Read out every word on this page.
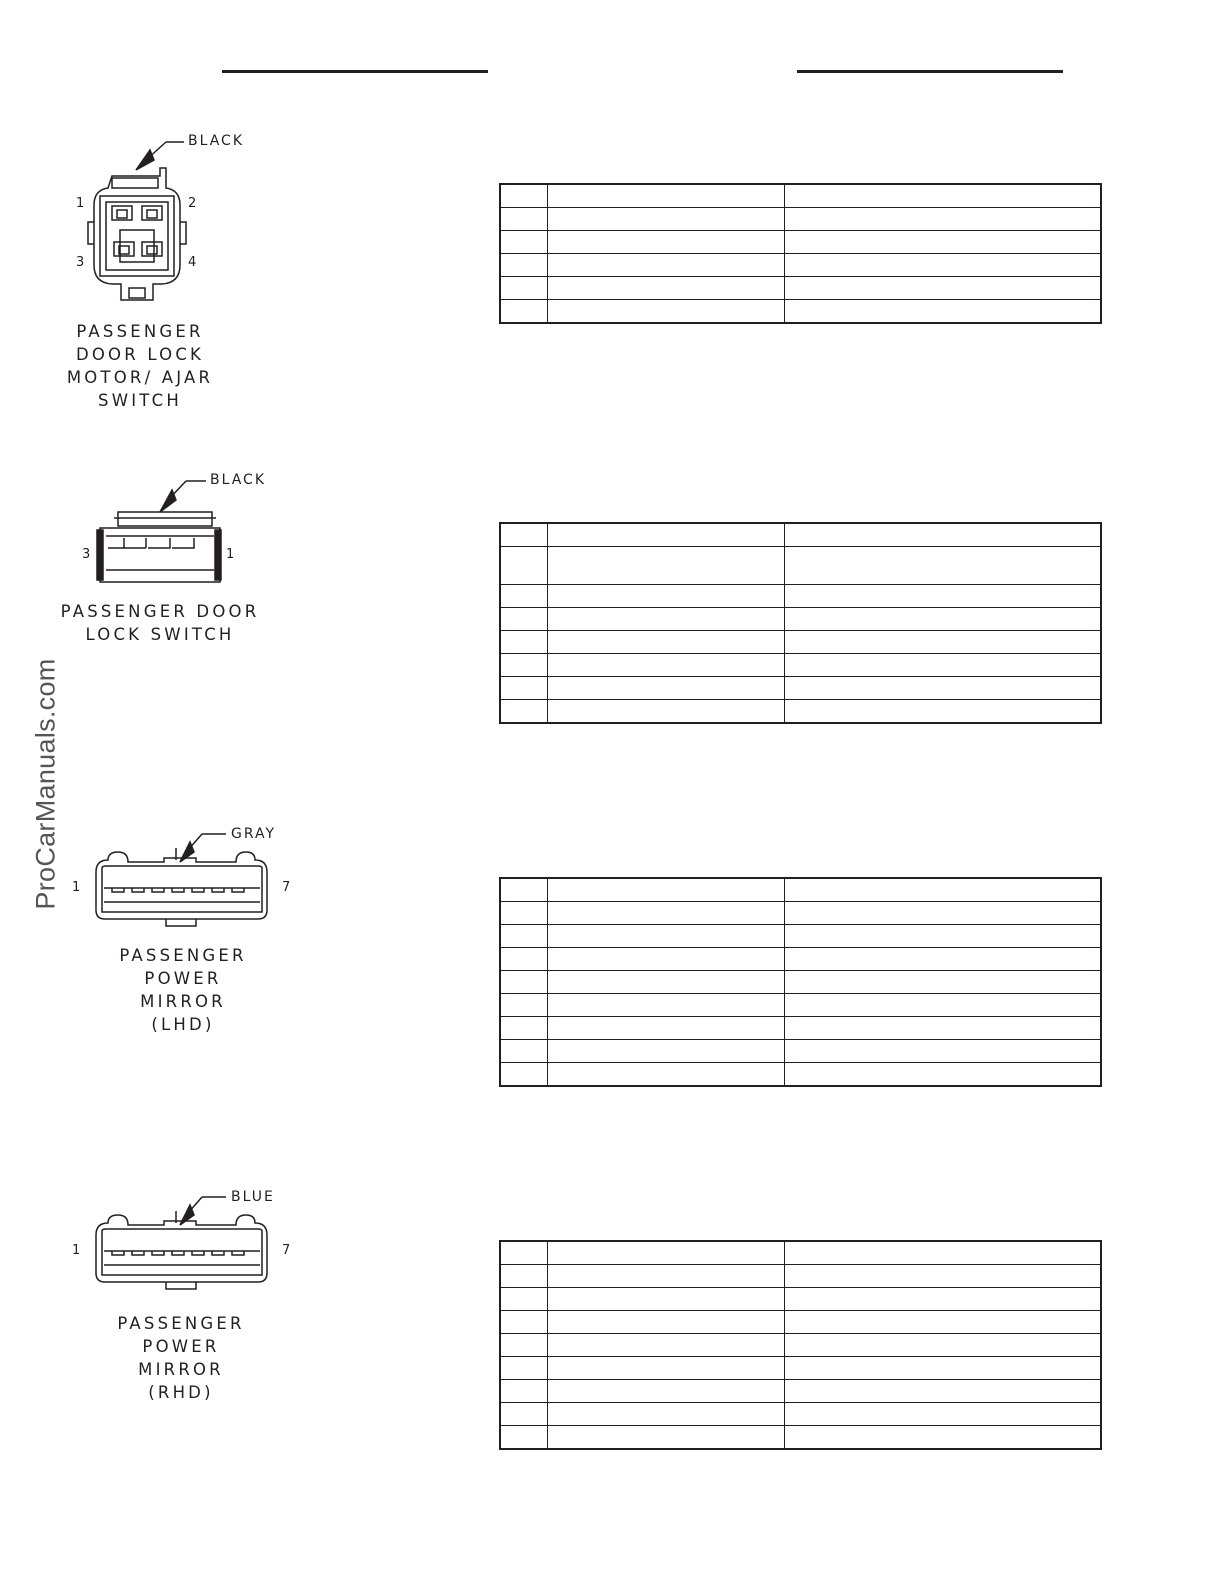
ProCarManuals.com
BLACK
1	2
3	4
PASSENGER
DOOR LOCK
MOTOR/ AJAR
SWITCH

BLACK
3	1
PASSENGER DOOR
LOCK SWITCH

GRAY
1	7
PASSENGER POWER
MIRROR
(LHD)

BLUE
1	7
PASSENGER POWER
MIRROR
(RHD)
